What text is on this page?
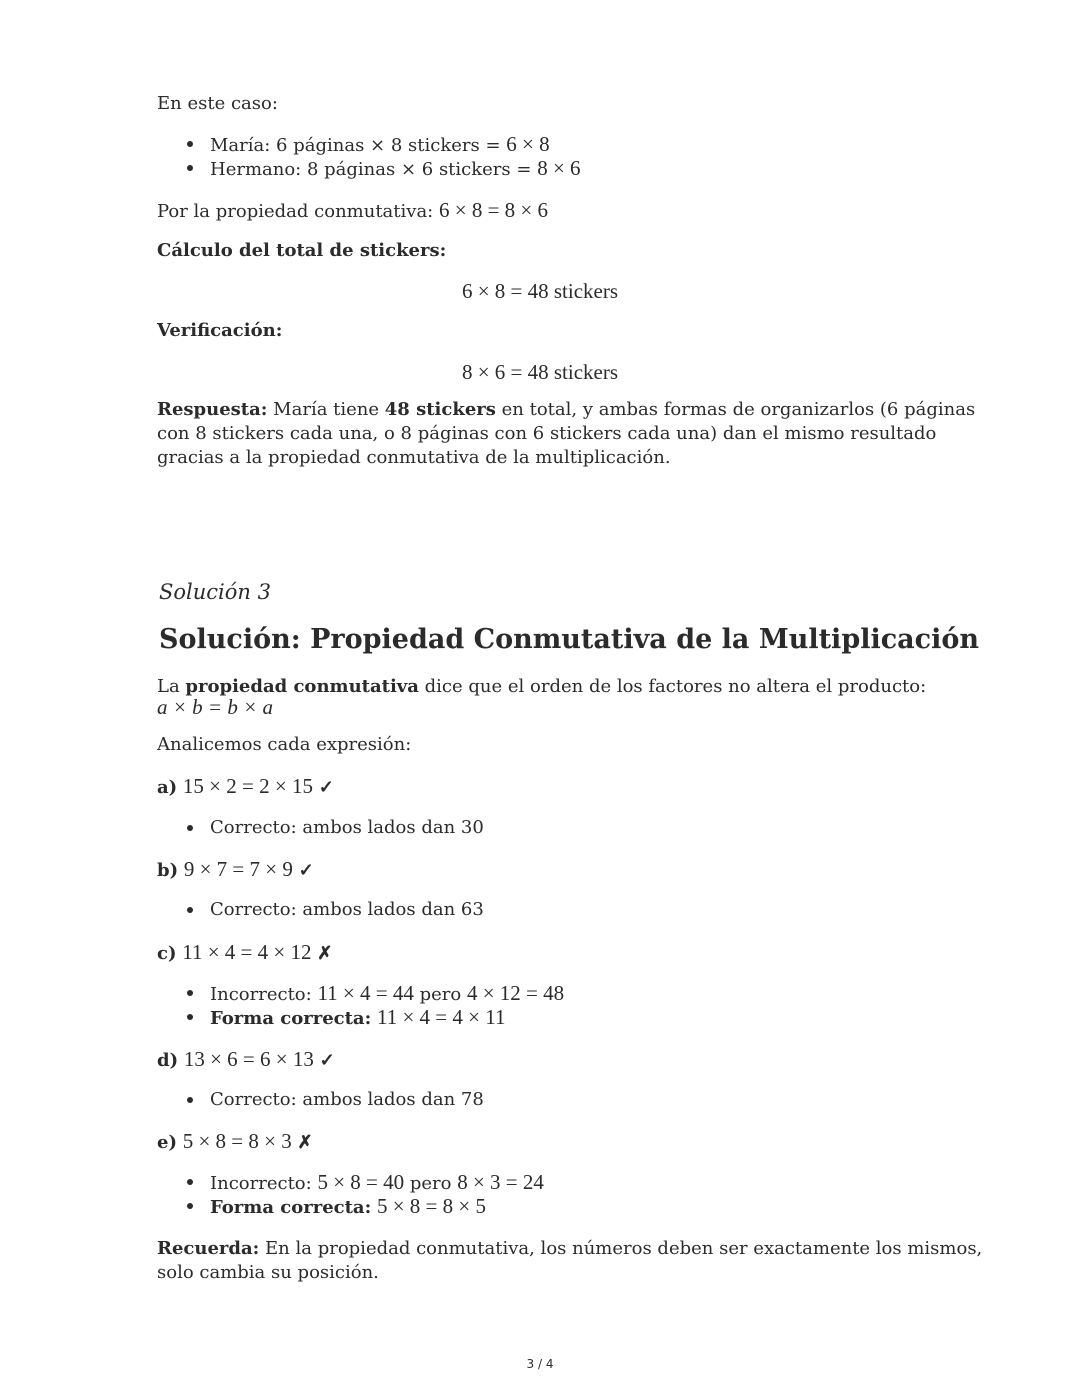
En este caso:
María: 6 páginas × 8 stickers = 6 × 8
Hermano: 8 páginas × 6 stickers = 8 × 6
Por la propiedad conmutativa: 6 × 8 = 8 × 6
Cálculo del total de stickers:
6 × 8 = 48 stickers
Verificación:
8 × 6 = 48 stickers
Respuesta: María tiene 48 stickers en total, y ambas formas de organizarlos (6 páginas
con 8 stickers cada una, o 8 páginas con 6 stickers cada una) dan el mismo resultado
gracias a la propiedad conmutativa de la multiplicación.
Solución 3
Solución: Propiedad Conmutativa de la Multiplicación
La propiedad conmutativa dice que el orden de los factores no altera el producto:
a × b = b × a
Analicemos cada expresión:
a) 15 × 2 = 2 × 15 ✓
Correcto: ambos lados dan 30
b) 9 × 7 = 7 × 9 ✓
Correcto: ambos lados dan 63
c) 11 × 4 = 4 × 12 ✗
Incorrecto: 11 × 4 = 44 pero 4 × 12 = 48
Forma correcta: 11 × 4 = 4 × 11
d) 13 × 6 = 6 × 13 ✓
Correcto: ambos lados dan 78
e) 5 × 8 = 8 × 3 ✗
Incorrecto: 5 × 8 = 40 pero 8 × 3 = 24
Forma correcta: 5 × 8 = 8 × 5
Recuerda: En la propiedad conmutativa, los números deben ser exactamente los mismos,
solo cambia su posición.
3 / 4
